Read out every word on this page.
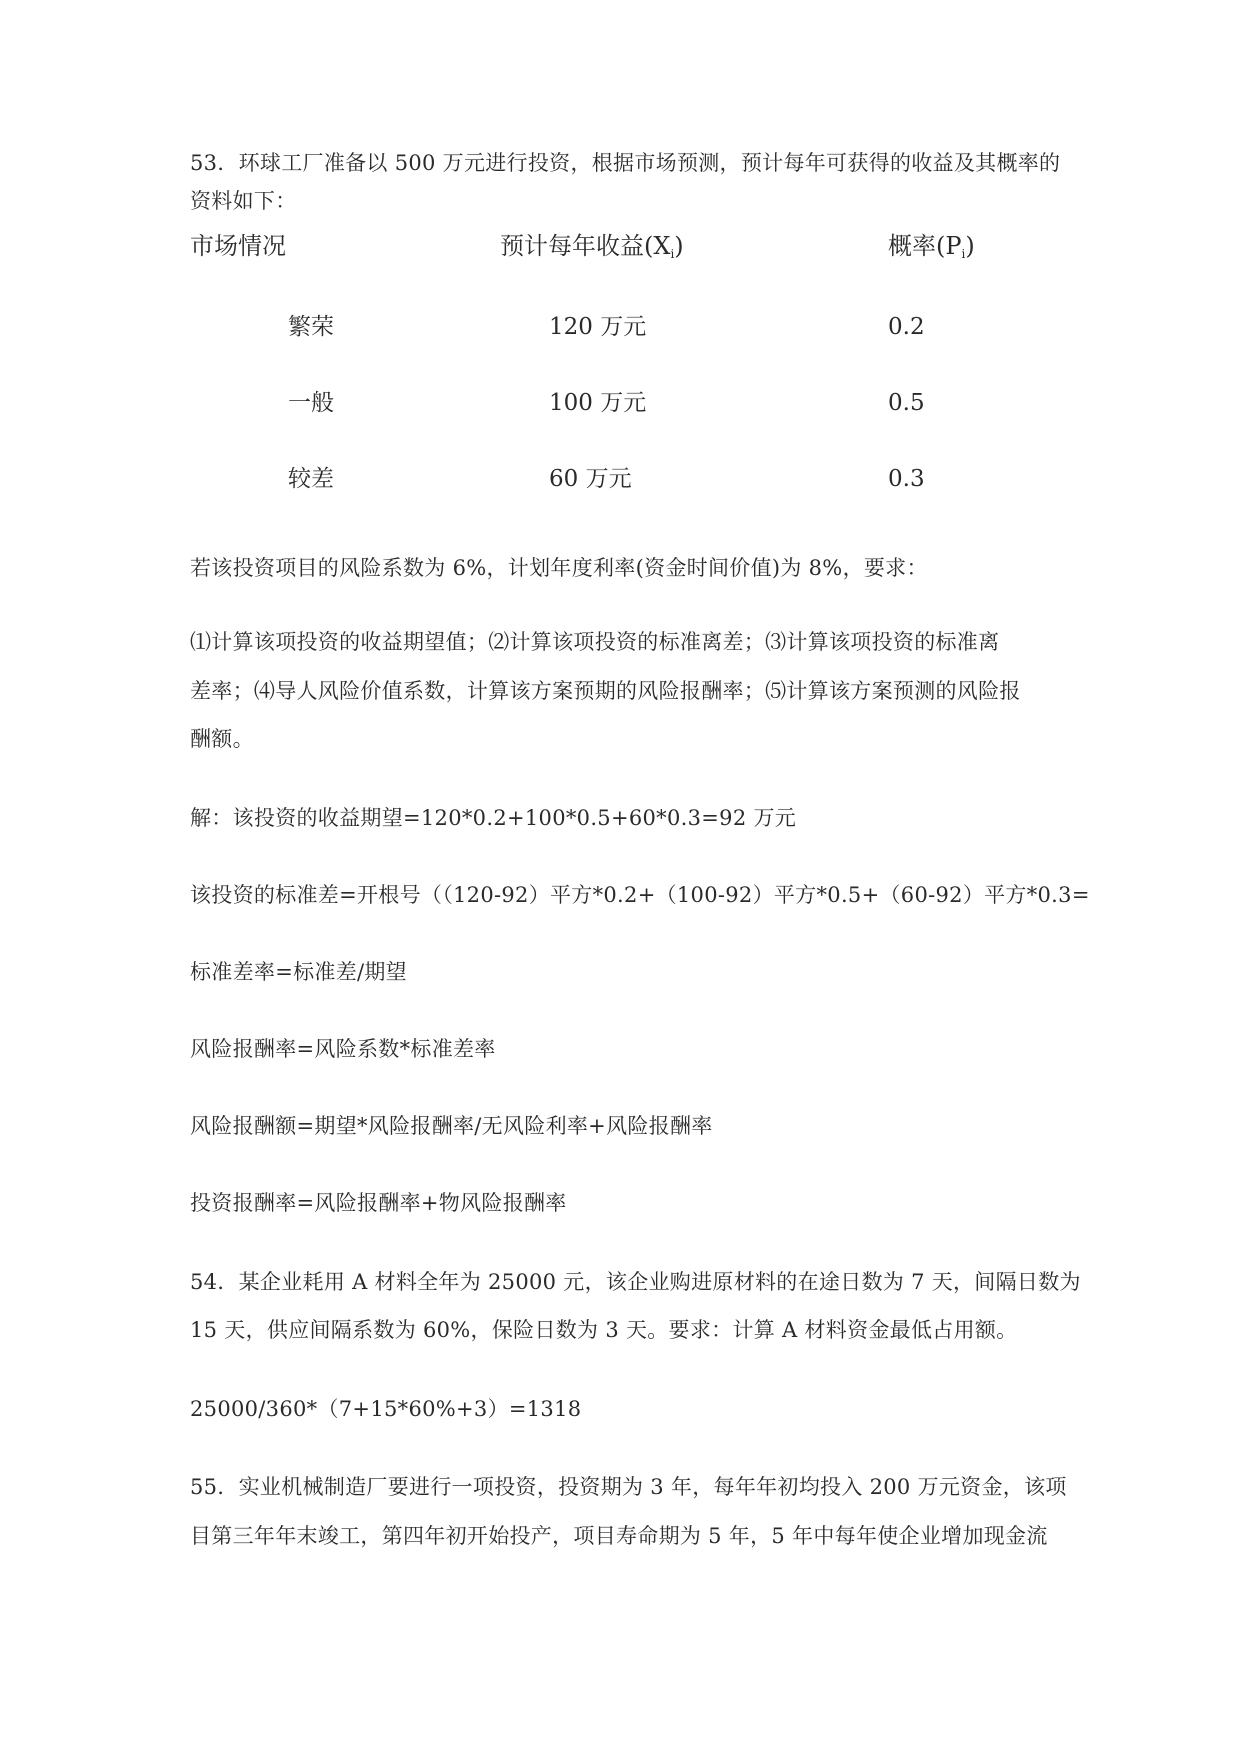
53．环球工厂准备以 500 万元进行投资，根据市场预测，预计每年可获得的收益及其概率的
资料如下：
市场情况	预计每年收益$(X_i)$	概率$(P_i)$
繁荣	120 万元	0.2
一般	100 万元	0.5
较差	60 万元	0.3
若该投资项目的风险系数为 6%，计划年度利率(资金时间价值)为 8%，要求：
⑴计算该项投资的收益期望值；⑵计算该项投资的标准离差；⑶计算该项投资的标准离
差率；⑷导人风险价值系数，计算该方案预期的风险报酬率；⑸计算该方案预测的风险报
酬额。
解：该投资的收益期望=120*0.2+100*0.5+60*0.3=92 万元
该投资的标准差=开根号（（120-92）平方*0.2+（100-92）平方*0.5+（60-92）平方*0.3=
标准差率=标准差/期望
风险报酬率=风险系数*标准差率
风险报酬额=期望*风险报酬率/无风险利率+风险报酬率
投资报酬率=风险报酬率+物风险报酬率
54．某企业耗用 A 材料全年为 25000 元，该企业购进原材料的在途日数为 7 天，间隔日数为
15 天，供应间隔系数为 60%，保险日数为 3 天。要求：计算 A 材料资金最低占用额。
25000/360*（7+15*60%+3）=1318
55．实业机械制造厂要进行一项投资，投资期为 3 年，每年年初均投入 200 万元资金，该项
目第三年年末竣工，第四年初开始投产，项目寿命期为 5 年，5 年中每年使企业增加现金流
